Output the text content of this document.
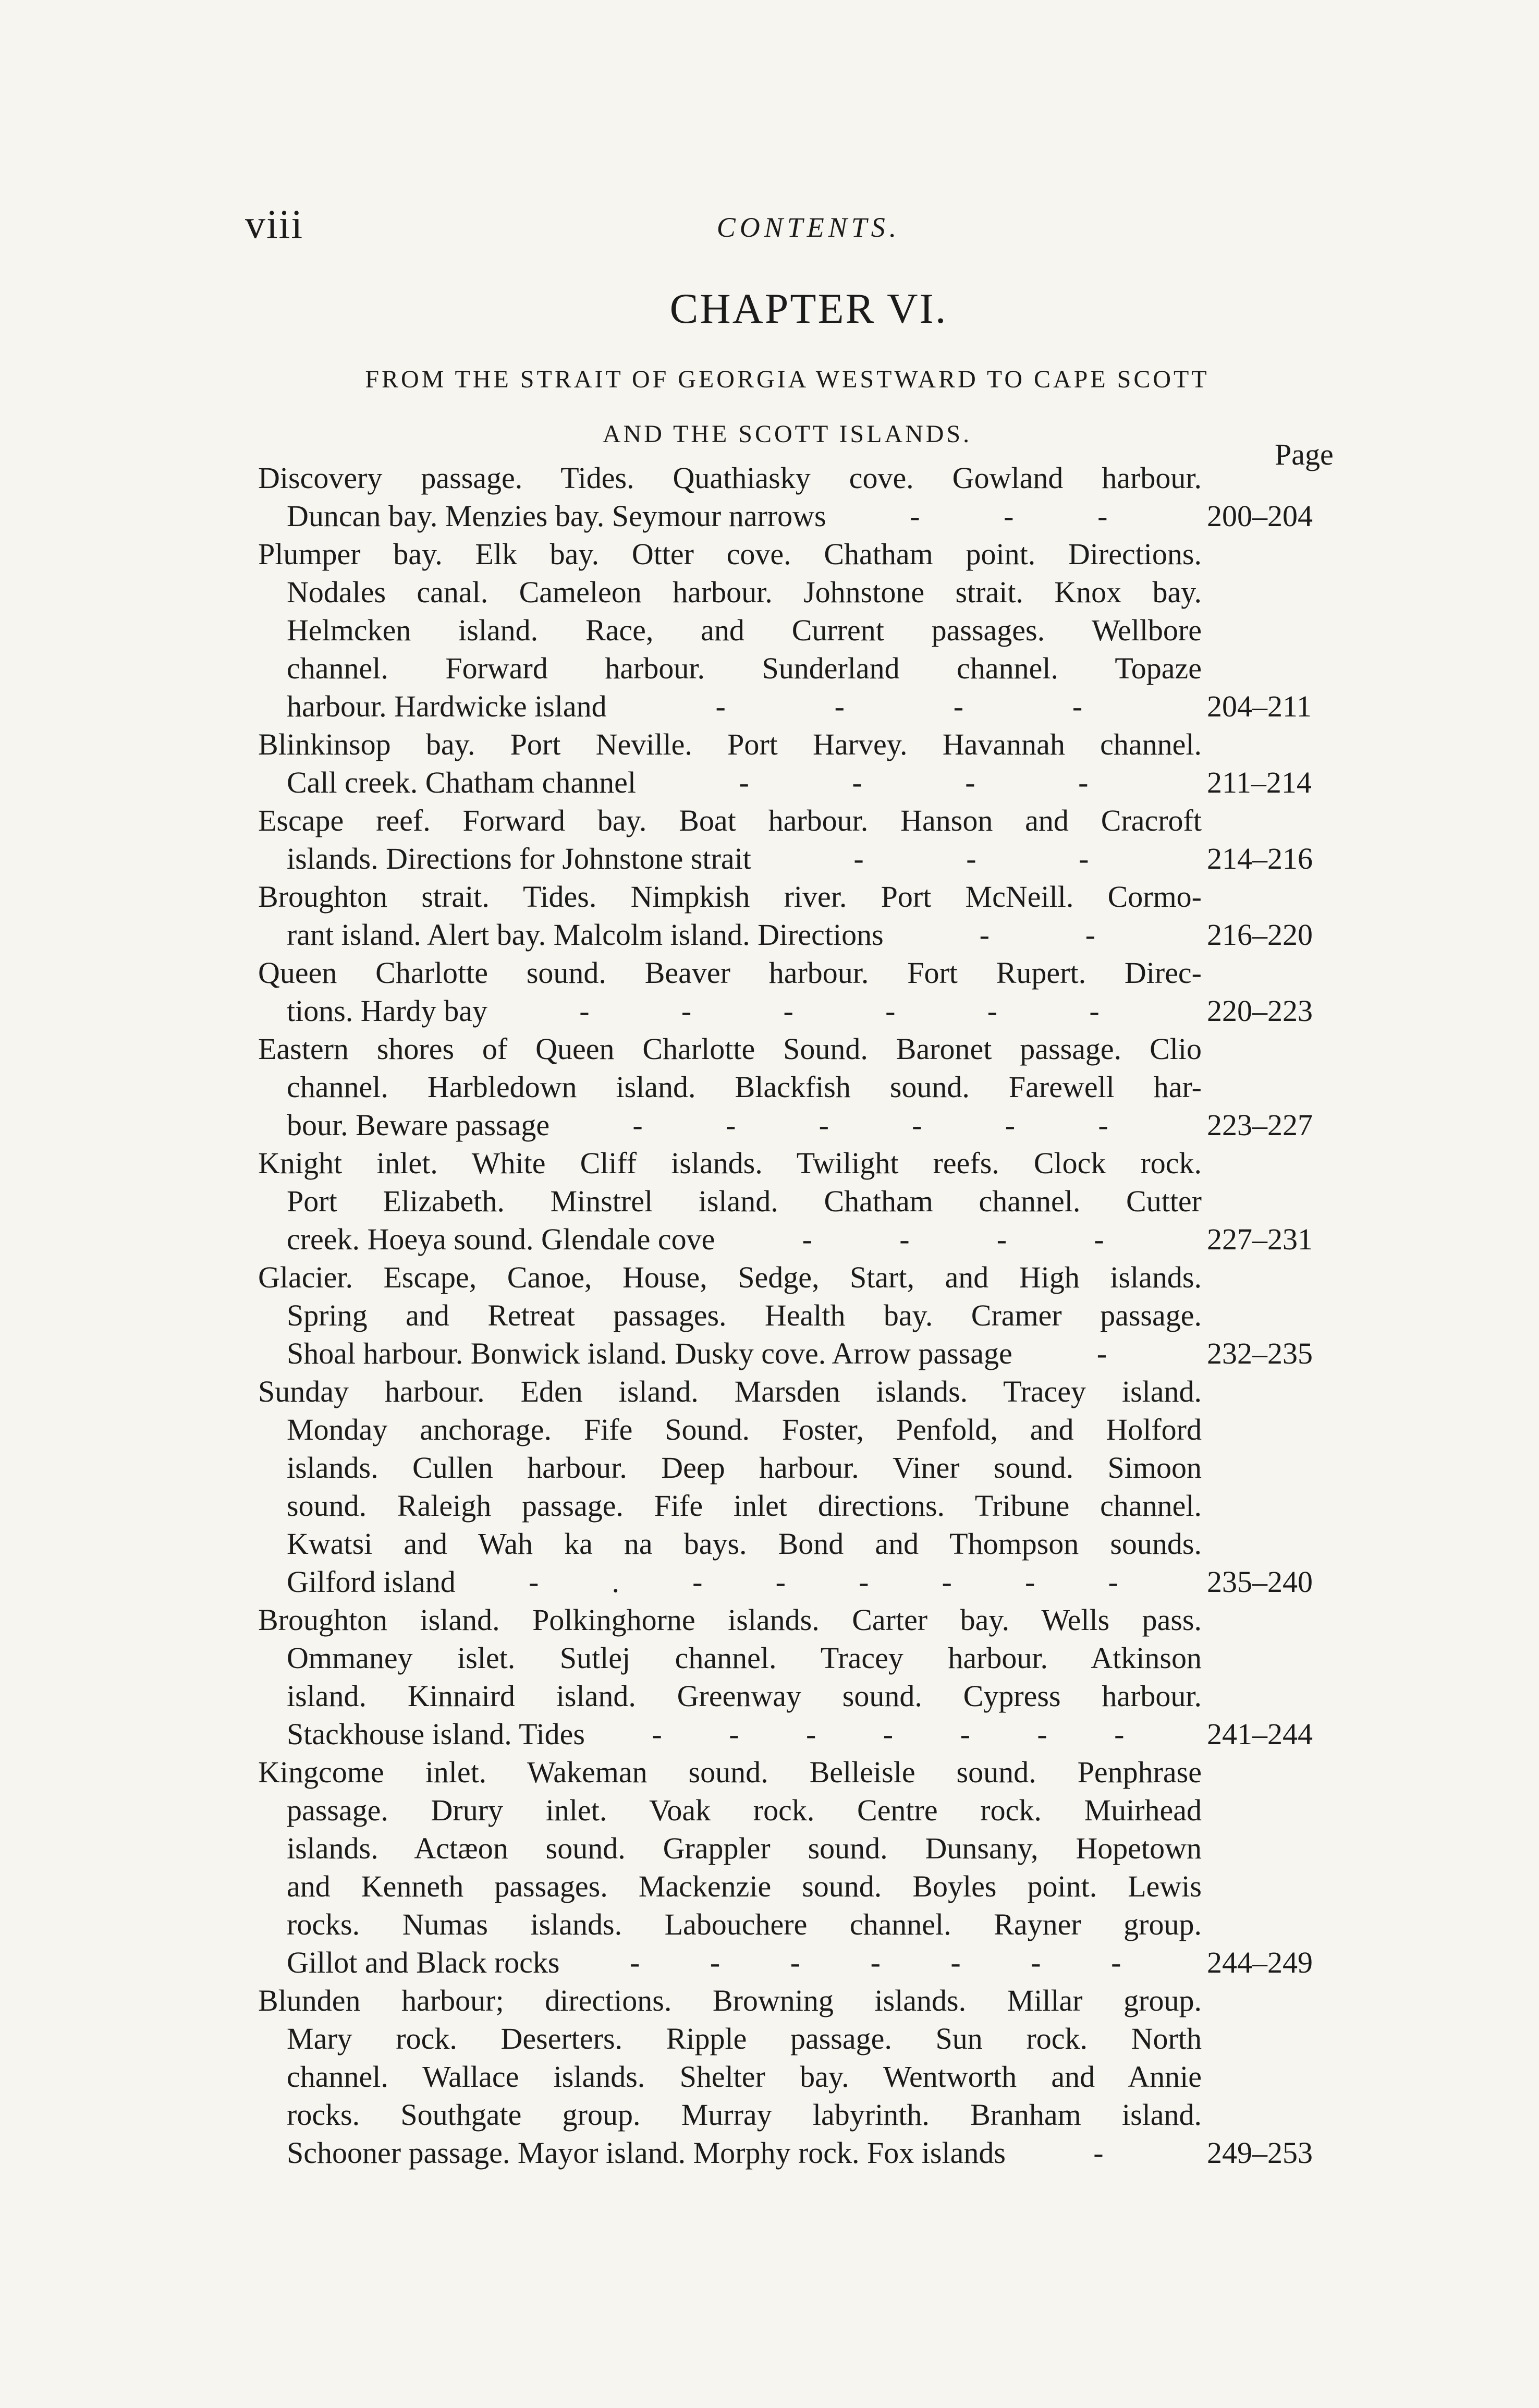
viii	CONTENTS.
CHAPTER VI.
FROM THE STRAIT OF GEORGIA WESTWARD TO CAPE SCOTT
AND THE SCOTT ISLANDS.
Page
Discovery passage. Tides. Quathiasky cove. Gowland harbour.
Duncan bay. Menzies bay. Seymour narrows	-	-	-	200–204
Plumper bay. Elk bay. Otter cove. Chatham point. Directions.
Nodales canal. Cameleon harbour. Johnstone strait. Knox bay.
Helmcken island. Race, and Current passages. Wellbore
channel. Forward harbour. Sunderland channel. Topaze
harbour. Hardwicke island	-	-	-	-	204–211
Blinkinsop bay. Port Neville. Port Harvey. Havannah channel.
Call creek. Chatham channel	-	-	-	-	211–214
Escape reef. Forward bay. Boat harbour. Hanson and Cracroft
islands. Directions for Johnstone strait	-	-	-	214–216
Broughton strait. Tides. Nimpkish river. Port McNeill. Cormo-
rant island. Alert bay. Malcolm island. Directions	-	-	216–220
Queen Charlotte sound. Beaver harbour. Fort Rupert. Direc-
tions. Hardy bay	-	-	-	-	-	-	220–223
Eastern shores of Queen Charlotte Sound. Baronet passage. Clio
channel. Harbledown island. Blackfish sound. Farewell har-
bour. Beware passage	-	-	-	-	-	-	223–227
Knight inlet. White Cliff islands. Twilight reefs. Clock rock.
Port Elizabeth. Minstrel island. Chatham channel. Cutter
creek. Hoeya sound. Glendale cove	-	-	-	-	227–231
Glacier. Escape, Canoe, House, Sedge, Start, and High islands.
Spring and Retreat passages. Health bay. Cramer passage.
Shoal harbour. Bonwick island. Dusky cove. Arrow passage	-	232–235
Sunday harbour. Eden island. Marsden islands. Tracey island.
Monday anchorage. Fife Sound. Foster, Penfold, and Holford
islands. Cullen harbour. Deep harbour. Viner sound. Simoon
sound. Raleigh passage. Fife inlet directions. Tribune channel.
Kwatsi and Wah ka na bays. Bond and Thompson sounds.
Gilford island - . - - - - - -	235–240
Broughton island. Polkinghorne islands. Carter bay. Wells pass.
Ommaney islet. Sutlej channel. Tracey harbour. Atkinson
island. Kinnaird island. Greenway sound. Cypress harbour.
Stackhouse island. Tides - - - - - - -	241–244
Kingcome inlet. Wakeman sound. Belleisle sound. Penphrase
passage. Drury inlet. Voak rock. Centre rock. Muirhead
islands. Actæon sound. Grappler sound. Dunsany, Hopetown
and Kenneth passages. Mackenzie sound. Boyles point. Lewis
rocks. Numas islands. Labouchere channel. Rayner group.
Gillot and Black rocks - - - - - - -	244–249
Blunden harbour; directions. Browning islands. Millar group.
Mary rock. Deserters. Ripple passage. Sun rock. North
channel. Wallace islands. Shelter bay. Wentworth and Annie
rocks. Southgate group. Murray labyrinth. Branham island.
Schooner passage. Mayor island. Morphy rock. Fox islands	-	249–253
